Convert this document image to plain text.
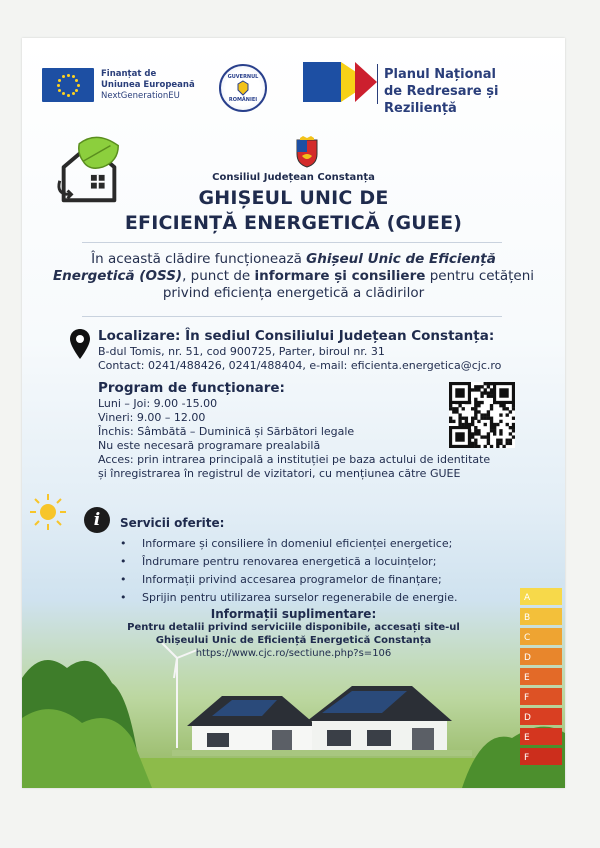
Finanțat de
Uniunea Europeană
NextGenerationEU
GUVERNUL
ROMÂNIEI
Planul Național
de Redresare și Reziliență
Consiliul Județean Constanța
GHIȘEUL UNIC DE
EFICIENȚĂ ENERGETICĂ (GUEE)
În această clădire funcționează Ghișeul Unic de Eficiență Energetică (OSS), punct de informare și consiliere pentru cetățeni privind eficiența energetică a clădirilor
Localizare: În sediul Consiliului Județean Constanța:
B-dul Tomis, nr. 51, cod 900725, Parter, biroul nr. 31
Contact: 0241/488426, 0241/488404, e-mail: eficienta.energetica@cjc.ro
Program de funcționare:
Luni – Joi: 9.00 -15.00
Vineri: 9.00 – 12.00
Închis: Sâmbătă – Duminică și Sărbători legale
Nu este necesară programare prealabilă
Acces: prin intrarea principală a instituției pe baza actului de identitate
și înregistrarea în registrul de vizitatori, cu mențiunea către GUEE
i	Servicii oferite:
• Informare și consiliere în domeniul eficienței energetice;
• Îndrumare pentru renovarea energetică a locuințelor;
• Informații privind accesarea programelor de finanțare;
• Sprijin pentru utilizarea surselor regenerabile de energie.	A
B
C
D
E
F
D
E
F
Informații suplimentare:
Pentru detalii privind serviciile disponibile, accesați site-ul
Ghișeului Unic de Eficiență Energetică Constanța
https://www.cjc.ro/sectiune.php?s=106
